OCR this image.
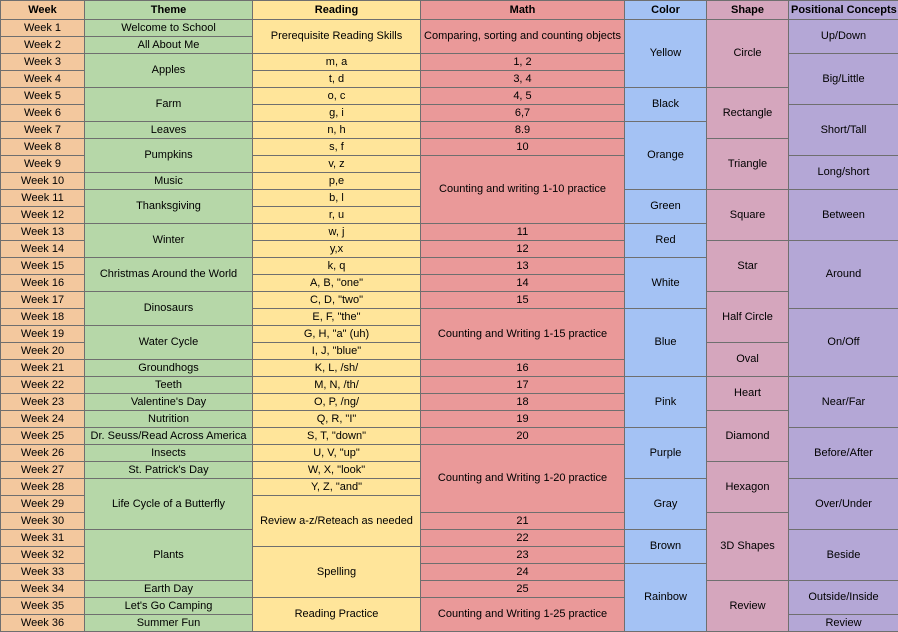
Week	Theme	Reading	Math	Color	Shape	Positional Concepts
Week 1	Welcome to School	Prerequisite Reading Skills	Comparing, sorting and counting objects	Yellow	Circle	Up/Down
Week 2	All About Me					
Week 3	Apples	m, a	1, 2			Big/Little
Week 4		t, d	3, 4			
Week 5	Farm	o, c	4, 5	Black	Rectangle	
Week 6		g, i	6,7			Short/Tall
Week 7	Leaves	n, h	8.9	Orange		
Week 8	Pumpkins	s, f	10		Triangle	
Week 9		v, z	Counting and writing 1-10 practice			Long/short
Week 10	Music	p,e				
Week 11	Thanksgiving	b, l		Green	Square	Between
Week 12		r, u				
Week 13	Winter	w, j	11	Red		
Week 14		y,x	12		Star	Around
Week 15	Christmas Around the World	k, q	13	White		
Week 16		A, B, "one"	14			
Week 17	Dinosaurs	C, D, "two"	15		Half Circle	
Week 18		E, F, "the"	Counting and Writing 1-15 practice	Blue		On/Off
Week 19	Water Cycle	G, H, "a" (uh)				
Week 20		I, J, "blue"			Oval	
Week 21	Groundhogs	K, L, /sh/	16			
Week 22	Teeth	M, N, /th/	17	Pink	Heart	Near/Far
Week 23	Valentine's Day	O, P, /ng/	18			
Week 24	Nutrition	Q, R, "I"	19		Diamond	
Week 25	Dr. Seuss/Read Across America	S, T, "down"	20	Purple		Before/After
Week 26	Insects	U, V, "up"	Counting and Writing 1-20 practice			
Week 27	St. Patrick's Day	W, X, "look"			Hexagon	
Week 28	Life Cycle of a Butterfly	Y, Z, "and"		Gray		Over/Under
Week 29		Review a-z/Reteach as needed				
Week 30			21		3D Shapes	
Week 31	Plants		22	Brown		Beside
Week 32		Spelling	23			
Week 33			24	Rainbow		
Week 34	Earth Day		25		Review	Outside/Inside
Week 35	Let's Go Camping	Reading Practice	Counting and Writing 1-25 practice			
Week 36	Summer Fun					Review
